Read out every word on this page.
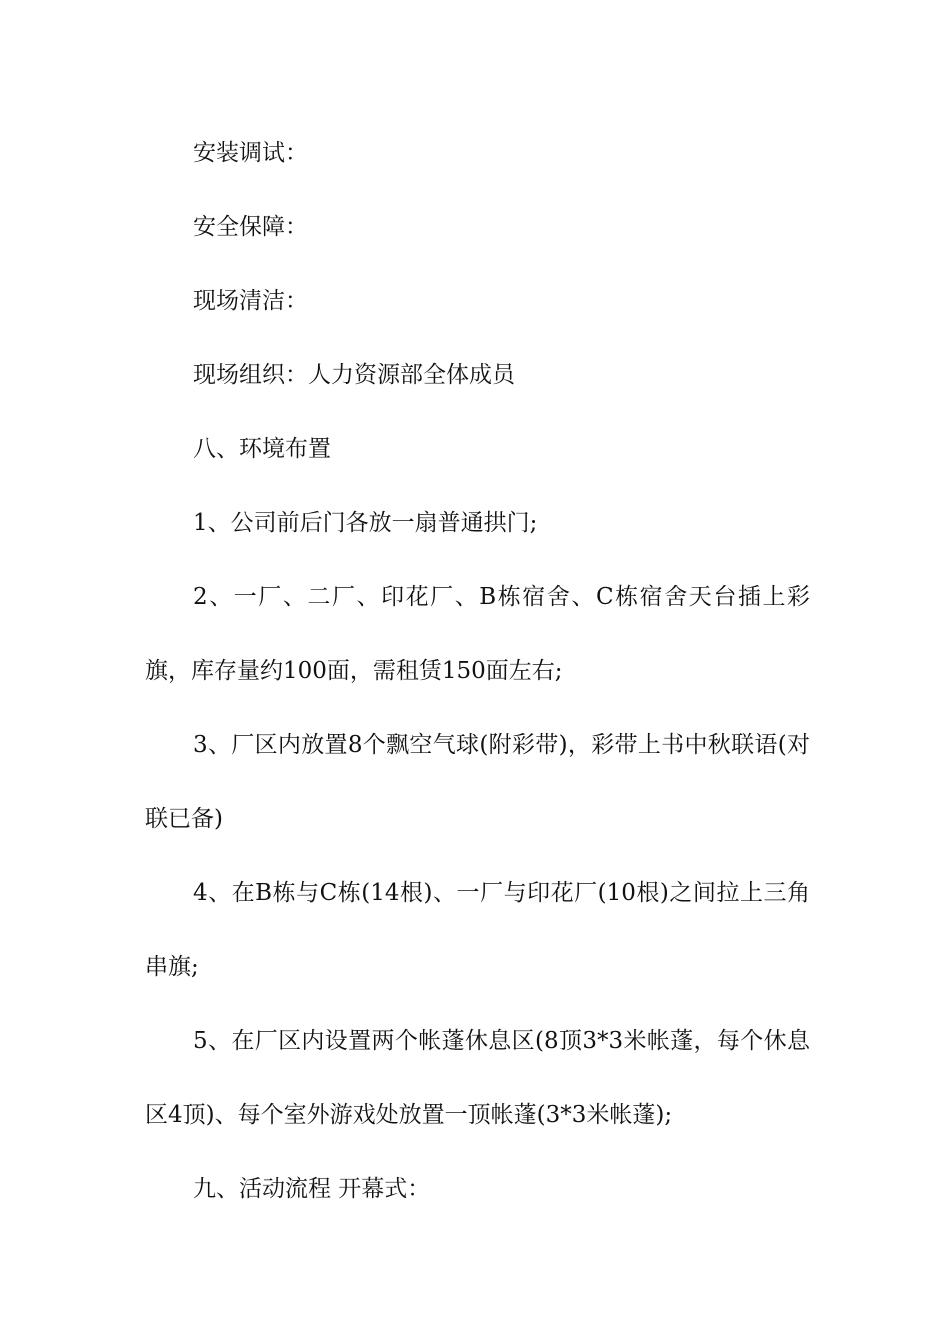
安装调试：

安全保障：

现场清洁：

现场组织：人力资源部全体成员

八、环境布置

1、公司前后门各放一扇普通拱门;

2、一厂、二厂、印花厂、B栋宿舍、C栋宿舍天台插上彩旗，库存量约100面，需租赁150面左右;

3、厂区内放置8个飘空气球(附彩带)，彩带上书中秋联语(对联已备)

4、在B栋与C栋(14根)、一厂与印花厂(10根)之间拉上三角串旗;

5、在厂区内设置两个帐蓬休息区(8顶3*3米帐蓬，每个休息区4顶)、每个室外游戏处放置一顶帐蓬(3*3米帐蓬);

九、活动流程 开幕式：
